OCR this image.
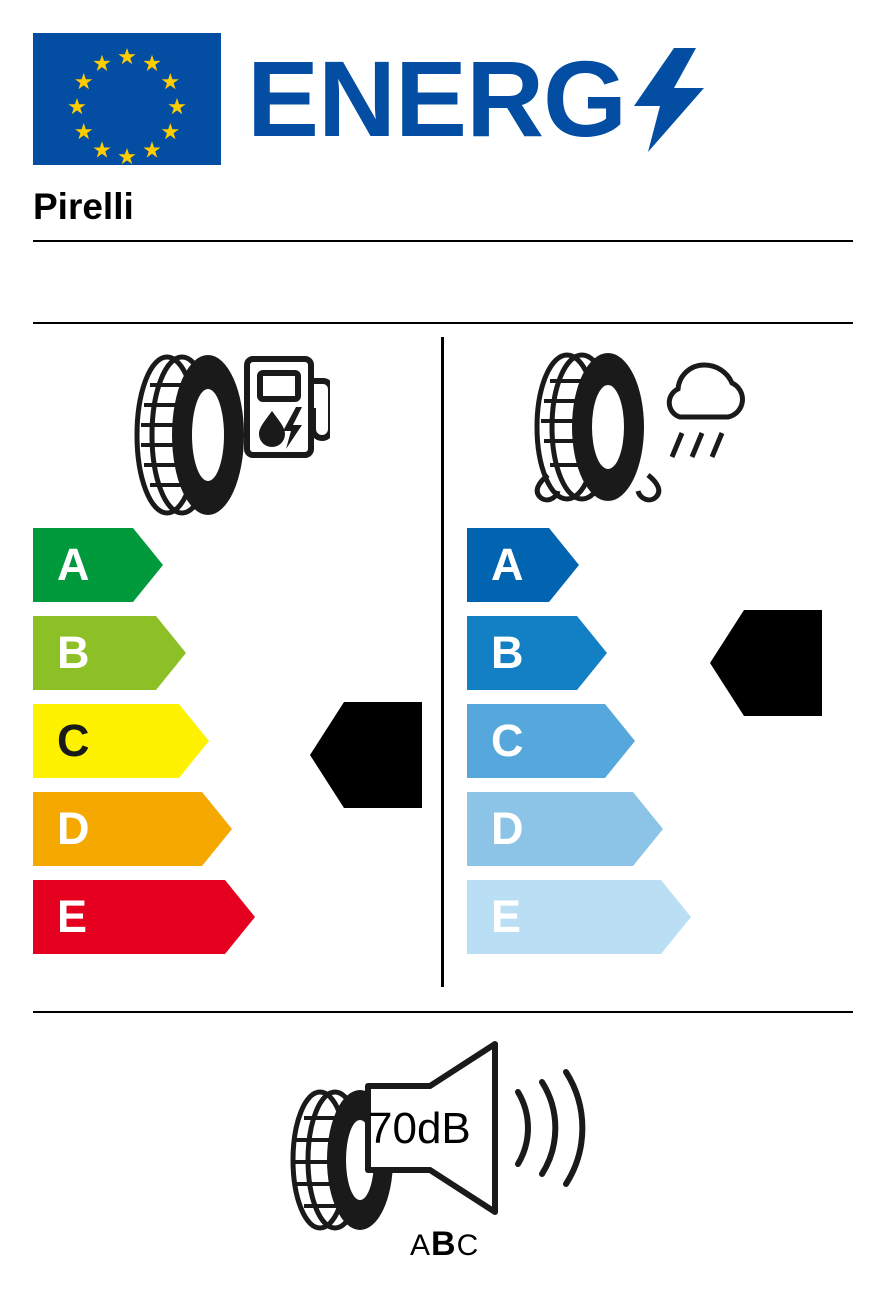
ENERG
Pirelli
A
B
C
D
E
A
B
C
D
E
C
B
70dB
ABC
